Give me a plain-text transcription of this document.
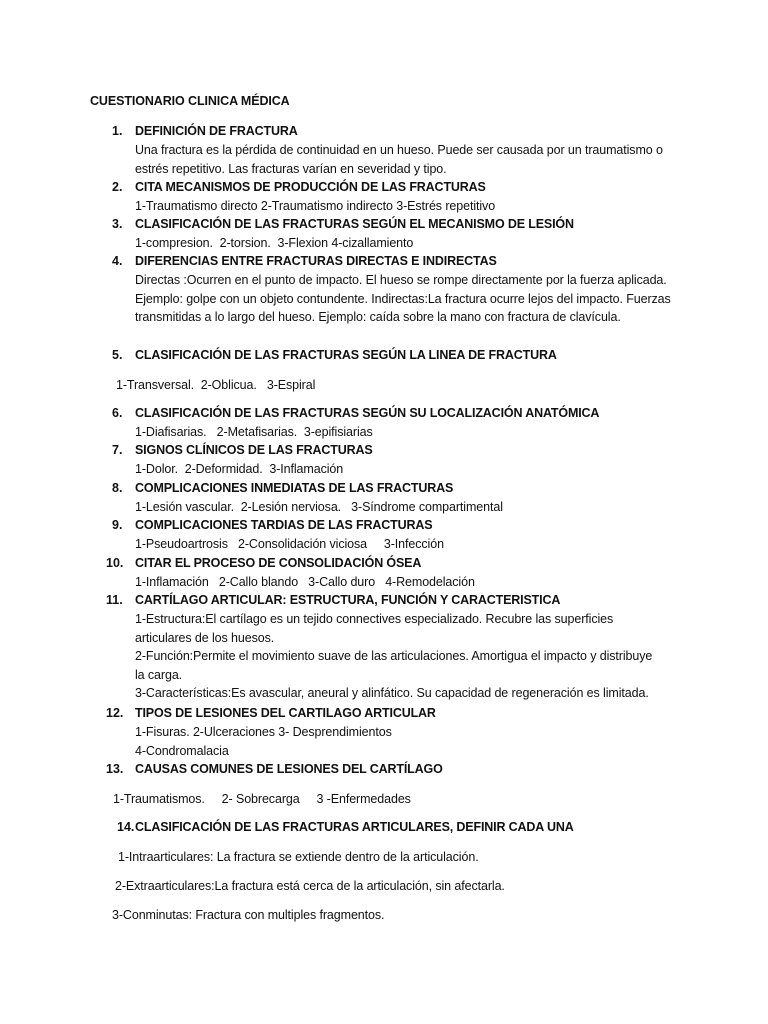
CUESTIONARIO CLINICA MÉDICA
1. DEFINICIÓN DE FRACTURA

Una fractura es la pérdida de continuidad en un hueso. Puede ser causada por un traumatismo o estrés repetitivo. Las fracturas varían en severidad y tipo.

2. CITA MECANISMOS DE PRODUCCIÓN DE LAS FRACTURAS

1-Traumatismo directo 2-Traumatismo indirecto 3-Estrés repetitivo

3. CLASIFICACIÓN DE LAS FRACTURAS SEGÚN EL MECANISMO DE LESIÓN

1-compresion.  2-torsion.  3-Flexion 4-cizallamiento

4. DIFERENCIAS ENTRE FRACTURAS DIRECTAS E INDIRECTAS

Directas :Ocurren en el punto de impacto. El hueso se rompe directamente por la fuerza aplicada. Ejemplo: golpe con un objeto contundente. Indirectas:La fractura ocurre lejos del impacto. Fuerzas transmitidas a lo largo del hueso. Ejemplo: caída sobre la mano con fractura de clavícula.

5. CLASIFICACIÓN DE LAS FRACTURAS SEGÚN LA LINEA DE FRACTURA
1-Transversal.  2-Oblicua.   3-Espiral
6. CLASIFICACIÓN DE LAS FRACTURAS SEGÚN SU LOCALIZACIÓN ANATÓMICA

1-Diafisarias.   2-Metafisarias.  3-epifisiarias

7. SIGNOS CLÍNICOS DE LAS FRACTURAS

1-Dolor.  2-Deformidad.  3-Inflamación

8. COMPLICACIONES INMEDIATAS DE LAS FRACTURAS

1-Lesión vascular.  2-Lesión nerviosa.   3-Síndrome compartimental

9. COMPLICACIONES TARDIAS DE LAS FRACTURAS

1-Pseudoartrosis   2-Consolidación viciosa     3-Infección

10. CITAR EL PROCESO DE CONSOLIDACIÓN ÓSEA

1-Inflamación   2-Callo blando   3-Callo duro   4-Remodelación

11. CARTÍLAGO ARTICULAR: ESTRUCTURA, FUNCIÓN Y CARACTERISTICA

1-Estructura:El cartílago es un tejido connectives especializado. Recubre las superficies articulares de los huesos.

2-Función:Permite el movimiento suave de las articulaciones. Amortigua el impacto y distribuye la carga.

3-Características:Es avascular, aneural y alinfático. Su capacidad de regeneración es limitada.

12. TIPOS DE LESIONES DEL CARTILAGO ARTICULAR

1-Fisuras. 2-Ulceraciones 3- Desprendimientos

4-Condromalacia

13. CAUSAS COMUNES DE LESIONES DEL CARTÍLAGO
1-Traumatismos.     2- Sobrecarga     3 -Enfermedades
14. CLASIFICACIÓN DE LAS FRACTURAS ARTICULARES, DEFINIR CADA UNA
1-Intraarticulares: La fractura se extiende dentro de la articulación.
2-Extraarticulares:La fractura está cerca de la articulación, sin afectarla.
3-Conminutas: Fractura con multiples fragmentos.
